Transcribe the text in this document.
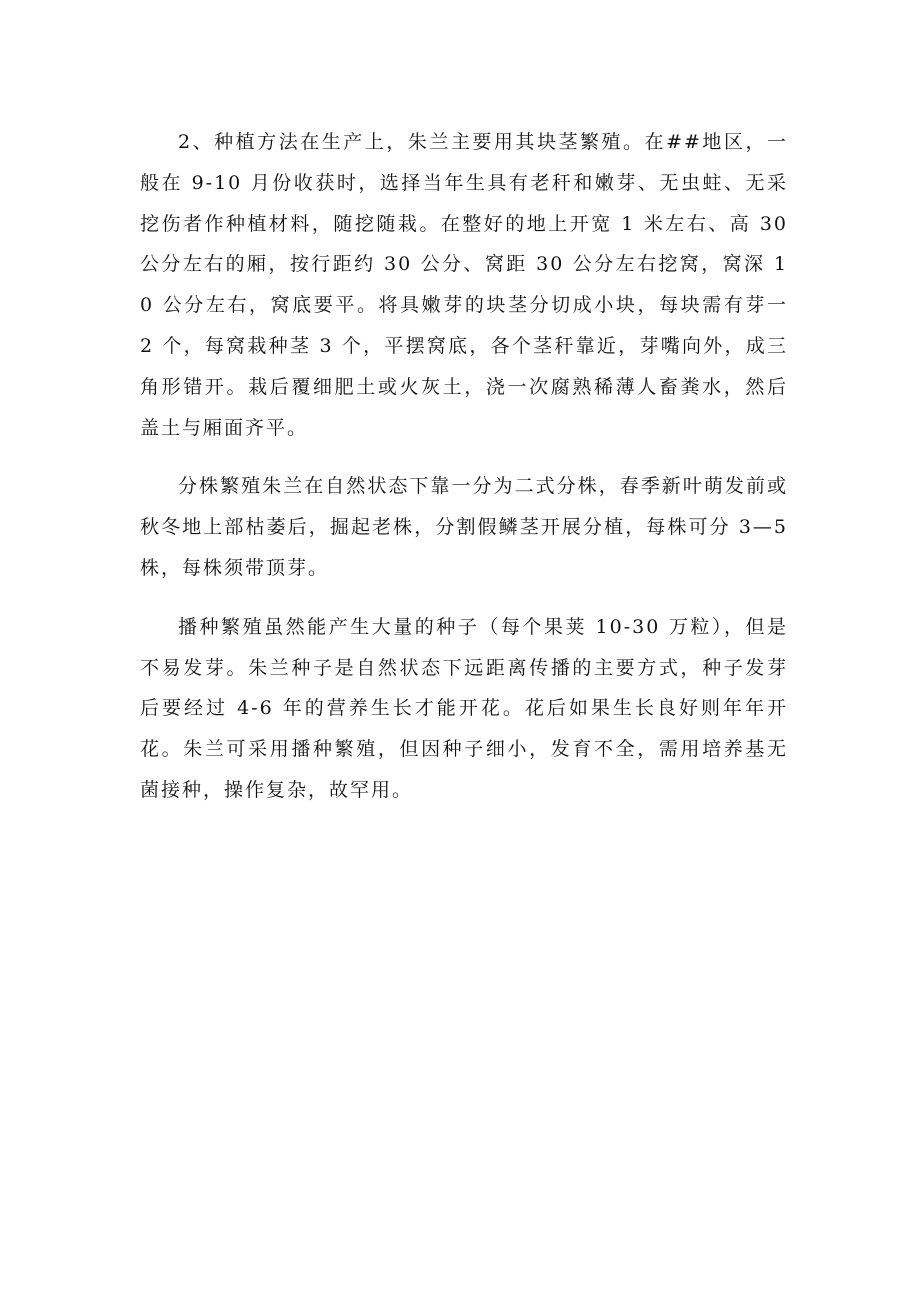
2、种植方法在生产上，朱兰主要用其块茎繁殖。在##地区，一般在 9-10 月份收获时，选择当年生具有老秆和嫩芽、无虫蛀、无采挖伤者作种植材料，随挖随栽。在整好的地上开宽 1 米左右、高 30 公分左右的厢，按行距约 30 公分、窝距 30 公分左右挖窝，窝深 10 公分左右，窝底要平。将具嫩芽的块茎分切成小块，每块需有芽一 2 个，每窝栽种茎 3 个，平摆窝底，各个茎秆靠近，芽嘴向外，成三角形错开。栽后覆细肥土或火灰土，浇一次腐熟稀薄人畜粪水，然后盖土与厢面齐平。

分株繁殖朱兰在自然状态下靠一分为二式分株，春季新叶萌发前或秋冬地上部枯萎后，掘起老株，分割假鳞茎开展分植，每株可分 3—5 株，每株须带顶芽。

播种繁殖虽然能产生大量的种子（每个果荚 10-30 万粒），但是不易发芽。朱兰种子是自然状态下远距离传播的主要方式，种子发芽后要经过 4-6 年的营养生长才能开花。花后如果生长良好则年年开花。朱兰可采用播种繁殖，但因种子细小，发育不全，需用培养基无菌接种，操作复杂，故罕用。
